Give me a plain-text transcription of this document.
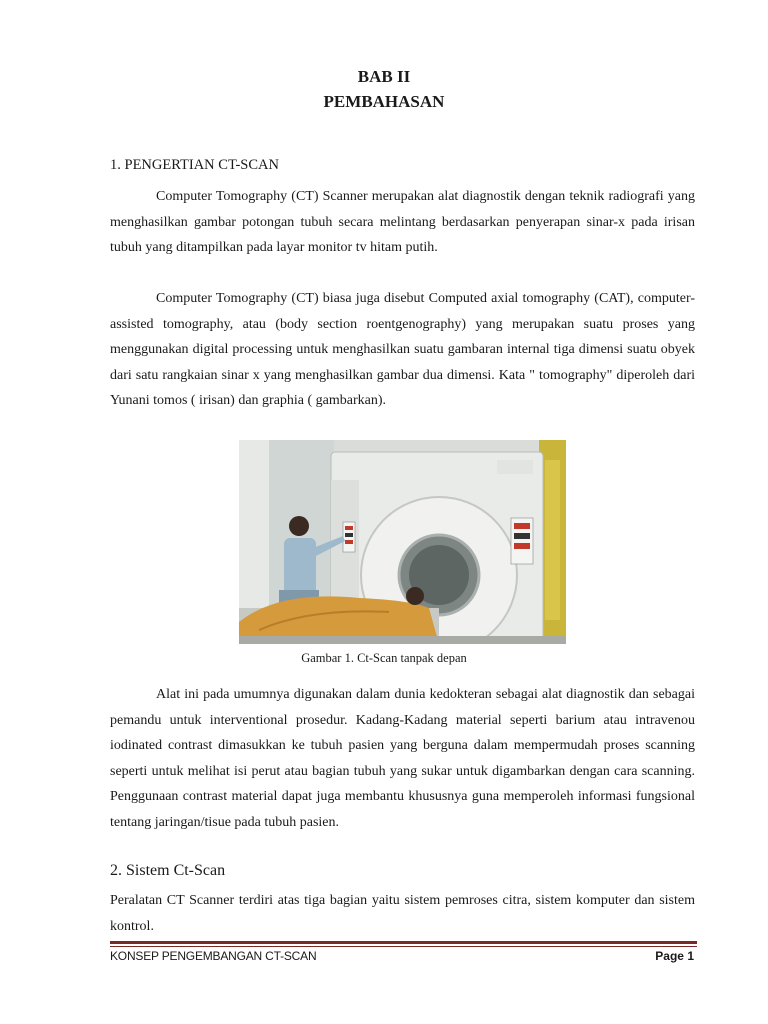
BAB II
PEMBAHASAN
1. PENGERTIAN CT-SCAN

Computer Tomography (CT) Scanner merupakan alat diagnostik dengan teknik radiografi yang menghasilkan gambar potongan tubuh secara melintang berdasarkan penyerapan sinar-x pada irisan tubuh yang ditampilkan pada layar monitor tv hitam putih.

Computer Tomography (CT) biasa juga disebut Computed axial tomography (CAT), computer-assisted tomography, atau (body section roentgenography) yang merupakan suatu proses yang menggunakan digital processing untuk menghasilkan suatu gambaran internal tiga dimensi suatu obyek dari satu rangkaian sinar x yang menghasilkan gambar dua dimensi. Kata " tomography" diperoleh dari Yunani tomos ( irisan) dan graphia ( gambarkan).

Gambar 1. Ct-Scan tanpak depan

Alat ini pada umumnya digunakan dalam dunia kedokteran sebagai alat diagnostik dan sebagai pemandu untuk interventional prosedur. Kadang-Kadang material seperti barium atau intravenou iodinated contrast dimasukkan ke tubuh pasien yang berguna dalam mempermudah proses scanning seperti untuk melihat isi perut atau bagian tubuh yang sukar untuk digambarkan dengan cara scanning. Penggunaan contrast material dapat juga membantu khususnya guna memperoleh informasi fungsional tentang jaringan/tisue pada tubuh pasien.

2. Sistem Ct-Scan

Peralatan CT Scanner terdiri atas tiga bagian yaitu sistem pemroses citra, sistem komputer dan sistem kontrol.

KONSEP PENGEMBANGAN CT-SCAN	Page 1
